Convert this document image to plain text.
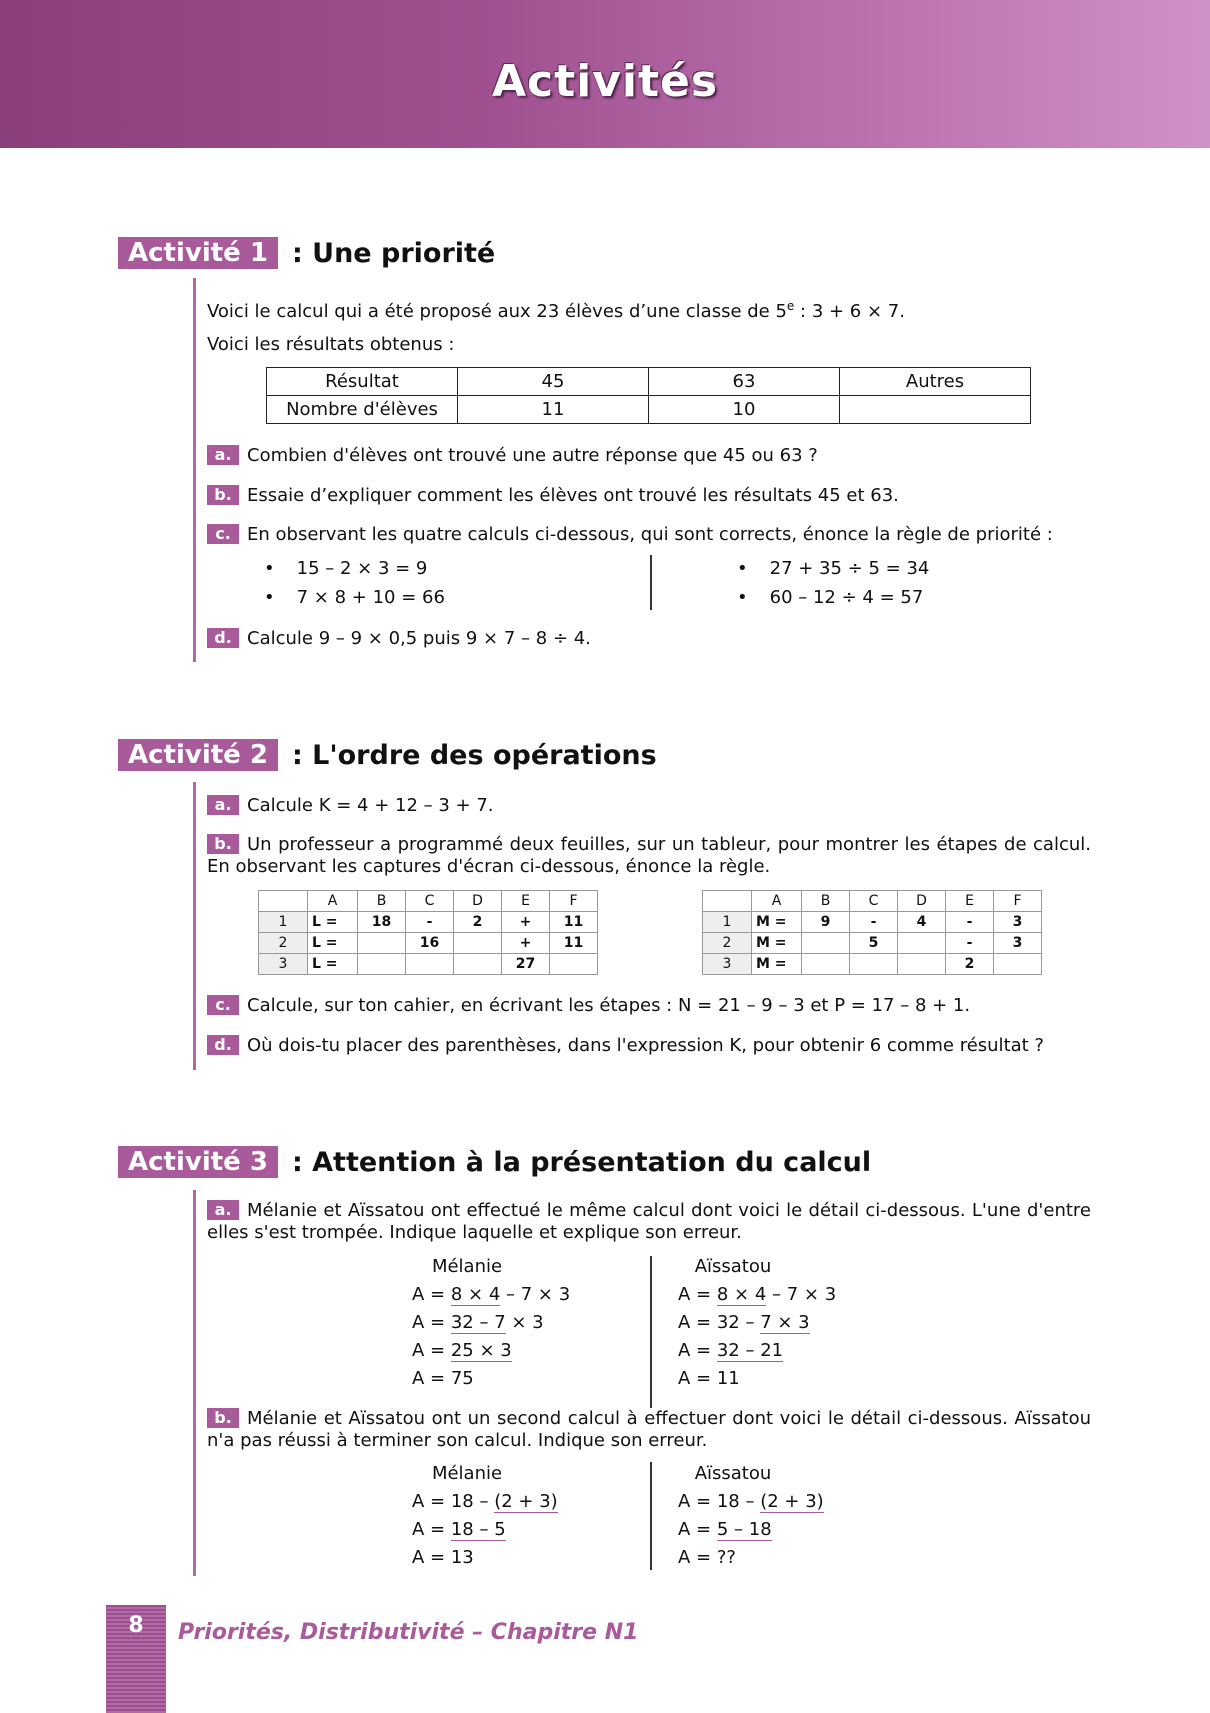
Activités
Activité 1 : Une priorité
Voici le calcul qui a été proposé aux 23 élèves d’une classe de 5e : 3 + 6 × 7.
Voici les résultats obtenus :
Résultat	45	63	Autres
Nombre d'élèves	11	10	
a. Combien d'élèves ont trouvé une autre réponse que 45 ou 63 ?
b. Essaie d’expliquer comment les élèves ont trouvé les résultats 45 et 63.
c. En observant les quatre calculs ci-dessous, qui sont corrects, énonce la règle de priorité :
• 15 – 2 × 3 = 9
• 7 × 8 + 10 = 66
• 27 + 35 ÷ 5 = 34
• 60 – 12 ÷ 4 = 57
d. Calcule 9 – 9 × 0,5 puis 9 × 7 – 8 ÷ 4.
Activité 2 : L'ordre des opérations
a. Calcule K = 4 + 12 – 3 + 7.
b. Un professeur a programmé deux feuilles, sur un tableur, pour montrer les étapes de calcul. En observant les captures d'écran ci-dessous, énonce la règle.
	A	B	C	D	E	F
1	L =	18	-	2	+	11
2	L =		16		+	11
3	L =				27	
	A	B	C	D	E	F
1	M =	9	-	4	-	3
2	M =		5		-	3
3	M =				2	
c. Calcule, sur ton cahier, en écrivant les étapes : N = 21 – 9 – 3 et P = 17 – 8 + 1.
d. Où dois-tu placer des parenthèses, dans l'expression K, pour obtenir 6 comme résultat ?
Activité 3 : Attention à la présentation du calcul
a. Mélanie et Aïssatou ont effectué le même calcul dont voici le détail ci-dessous. L'une d'entre elles s'est trompée. Indique laquelle et explique son erreur.
Mélanie
A = 8 × 4 – 7 × 3
A = 32 – 7 × 3
A = 25 × 3
A = 75
Aïssatou
A = 8 × 4 – 7 × 3
A = 32 – 7 × 3
A = 32 – 21
A = 11
b. Mélanie et Aïssatou ont un second calcul à effectuer dont voici le détail ci-dessous. Aïssatou n'a pas réussi à terminer son calcul. Indique son erreur.
Mélanie
A = 18 – (2 + 3)
A = 18 – 5
A = 13
Aïssatou
A = 18 – (2 + 3)
A = 5 – 18
A = ??
8	Priorités, Distributivité – Chapitre N1
